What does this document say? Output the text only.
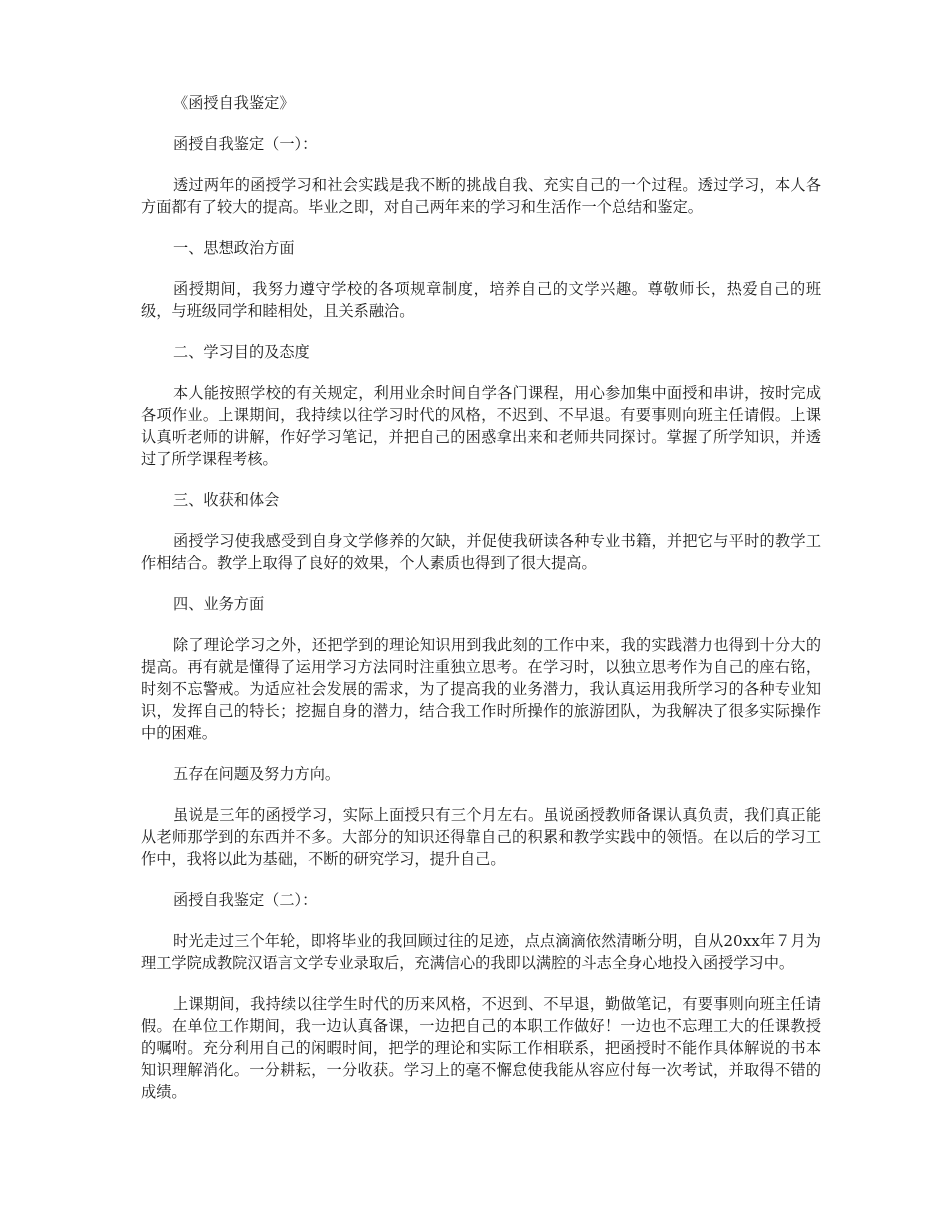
《函授自我鉴定》

函授自我鉴定（一）：

透过两年的函授学习和社会实践是我不断的挑战自我、充实自己的一个过程。透过学习，本人各方面都有了较大的提高。毕业之即，对自己两年来的学习和生活作一个总结和鉴定。

一、思想政治方面

函授期间，我努力遵守学校的各项规章制度，培养自己的文学兴趣。尊敬师长，热爱自己的班级，与班级同学和睦相处，且关系融洽。

二、学习目的及态度

本人能按照学校的有关规定，利用业余时间自学各门课程，用心参加集中面授和串讲，按时完成各项作业。上课期间，我持续以往学习时代的风格，不迟到、不早退。有要事则向班主任请假。上课认真听老师的讲解，作好学习笔记，并把自己的困惑拿出来和老师共同探讨。掌握了所学知识，并透过了所学课程考核。

三、收获和体会

函授学习使我感受到自身文学修养的欠缺，并促使我研读各种专业书籍，并把它与平时的教学工作相结合。教学上取得了良好的效果，个人素质也得到了很大提高。

四、业务方面

除了理论学习之外，还把学到的理论知识用到我此刻的工作中来，我的实践潜力也得到十分大的提高。再有就是懂得了运用学习方法同时注重独立思考。在学习时，以独立思考作为自己的座右铭，时刻不忘警戒。为适应社会发展的需求，为了提高我的业务潜力，我认真运用我所学习的各种专业知识，发挥自己的特长；挖掘自身的潜力，结合我工作时所操作的旅游团队，为我解决了很多实际操作中的困难。

五存在问题及努力方向。

虽说是三年的函授学习，实际上面授只有三个月左右。虽说函授教师备课认真负责，我们真正能从老师那学到的东西并不多。大部分的知识还得靠自己的积累和教学实践中的领悟。在以后的学习工作中，我将以此为基础，不断的研究学习，提升自己。

函授自我鉴定（二）：

时光走过三个年轮，即将毕业的我回顾过往的足迹，点点滴滴依然清晰分明，自从20xx年７月为理工学院成教院汉语言文学专业录取后，充满信心的我即以满腔的斗志全身心地投入函授学习中。

上课期间，我持续以往学生时代的历来风格，不迟到、不早退，勤做笔记，有要事则向班主任请假。在单位工作期间，我一边认真备课，一边把自己的本职工作做好！一边也不忘理工大的任课教授的嘱咐。充分利用自己的闲暇时间，把学的理论和实际工作相联系，把函授时不能作具体解说的书本知识理解消化。一分耕耘，一分收获。学习上的毫不懈怠使我能从容应付每一次考试，并取得不错的成绩。
